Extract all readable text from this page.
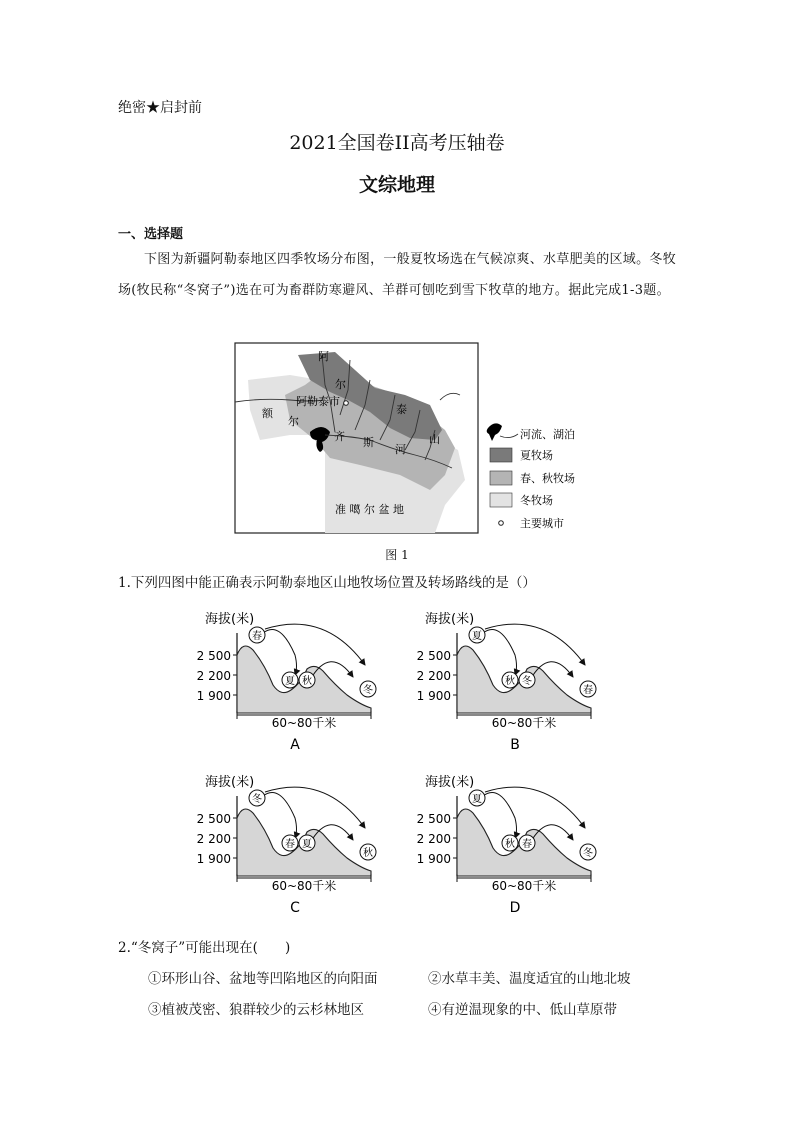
绝密★启封前
2021全国卷II高考压轴卷
文综地理
一、选择题
下图为新疆阿勒泰地区四季牧场分布图，一般夏牧场选在气候凉爽、水草肥美的区域。冬牧场(牧民称“冬窝子”)选在可为畜群防寒避风、羊群可刨吃到雪下牧草的地方。据此完成1-3题。
阿
尔
泰
山
阿勒泰市
额
尔
齐 斯
河
准 噶 尔 盆 地
河流、湖泊
夏牧场
春、秋牧场
冬牧场
主要城市
图 1
1.下列四图中能正确表示阿勒泰地区山地牧场位置及转场路线的是（）
海拔(米)
2 500
2 200
1 900
60~80千米
春
夏 秋
冬
A
海拔(米)
2 500
2 200
1 900
60~80千米
夏
秋 冬
春
B
海拔(米)
2 500
2 200
1 900
60~80千米
冬
春 夏
秋
C
海拔(米)
2 500
2 200
1 900
60~80千米
夏
秋 春
冬
D
2.“冬窝子”可能出现在(　　)
①环形山谷、盆地等凹陷地区的向阳面	②水草丰美、温度适宜的山地北坡
③植被茂密、狼群较少的云杉林地区	④有逆温现象的中、低山草原带
